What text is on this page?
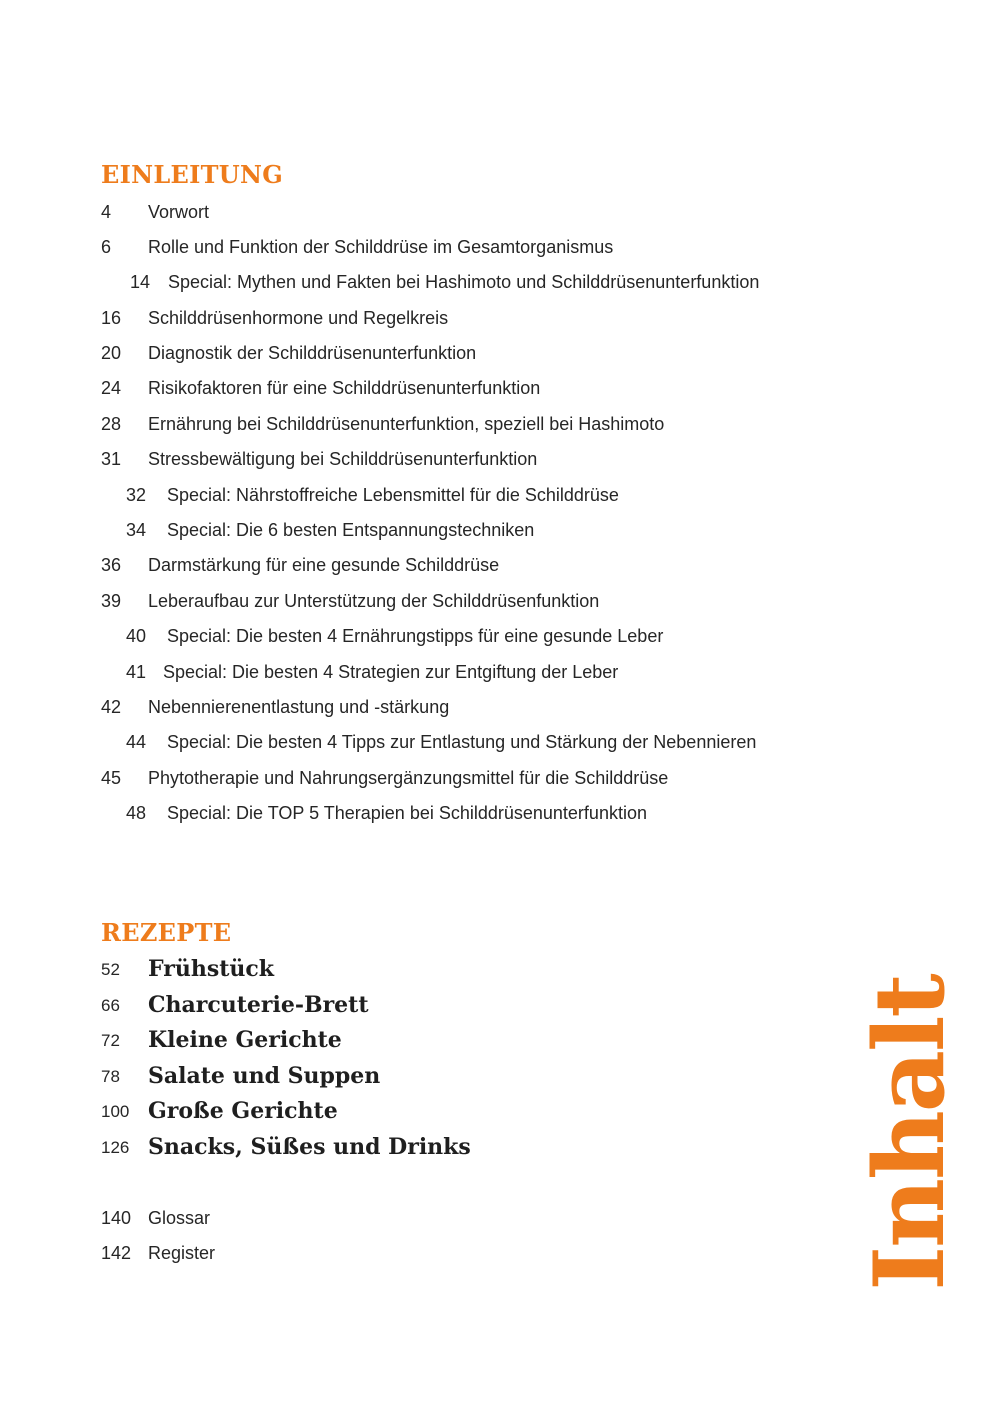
EINLEITUNG
4 Vorwort
6 Rolle und Funktion der Schilddrüse im Gesamtorganismus
14 Special: Mythen und Fakten bei Hashimoto und Schilddrüsenunterfunktion
16 Schilddrüsenhormone und Regelkreis
20 Diagnostik der Schilddrüsenunterfunktion
24 Risikofaktoren für eine Schilddrüsenunterfunktion
28 Ernährung bei Schilddrüsenunterfunktion, speziell bei Hashimoto
31 Stressbewältigung bei Schilddrüsenunterfunktion
32 Special: Nährstoffreiche Lebensmittel für die Schilddrüse
34 Special: Die 6 besten Entspannungstechniken
36 Darmstärkung für eine gesunde Schilddrüse
39 Leberaufbau zur Unterstützung der Schilddrüsenfunktion
40 Special: Die besten 4 Ernährungstipps für eine gesunde Leber
41 Special: Die besten 4 Strategien zur Entgiftung der Leber
42 Nebennierenentlastung und -stärkung
44 Special: Die besten 4 Tipps zur Entlastung und Stärkung der Nebennieren
45 Phytotherapie und Nahrungsergänzungsmittel für die Schilddrüse
48 Special: Die TOP 5 Therapien bei Schilddrüsenunterfunktion
REZEPTE
52 Frühstück
66 Charcuterie-Brett
72 Kleine Gerichte
78 Salate und Suppen
100 Große Gerichte
126 Snacks, Süßes und Drinks
140 Glossar
142 Register	Inhalt
